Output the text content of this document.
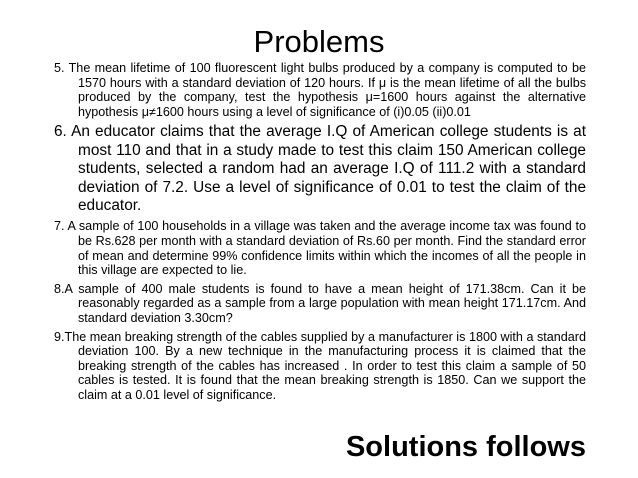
Problems

5. The mean lifetime of 100 fluorescent light bulbs produced by a company is computed to be 1570 hours with a standard deviation of 120 hours. If μ is the mean lifetime of all the bulbs produced by the company, test the hypothesis μ=1600 hours against the alternative hypothesis μ≠1600 hours using a level of significance of (i)0.05 (ii)0.01

6. An educator claims that the average I.Q of American college students is at most 110 and that in a study made to test this claim 150 American college students, selected a random had an average I.Q of 111.2 with a standard deviation of 7.2. Use a level of significance of 0.01 to test the claim of the educator.

7. A sample of 100 households in a village was taken and the average income tax was found to be Rs.628 per month with a standard deviation of Rs.60 per month. Find the standard error of mean and determine 99% confidence limits within which the incomes of all the people in this village are expected to lie.

8.A sample of 400 male students is found to have a mean height of 171.38cm. Can it be reasonably regarded as a sample from a large population with mean height 171.17cm. And standard deviation 3.30cm?

9.The mean breaking strength of the cables supplied by a manufacturer is 1800 with a standard deviation 100. By a new technique in the manufacturing process it is claimed that the breaking strength of the cables has increased . In order to test this claim a sample of 50 cables is tested. It is found that the mean breaking strength is 1850. Can we support the claim at a 0.01 level of significance.

Solutions follows
